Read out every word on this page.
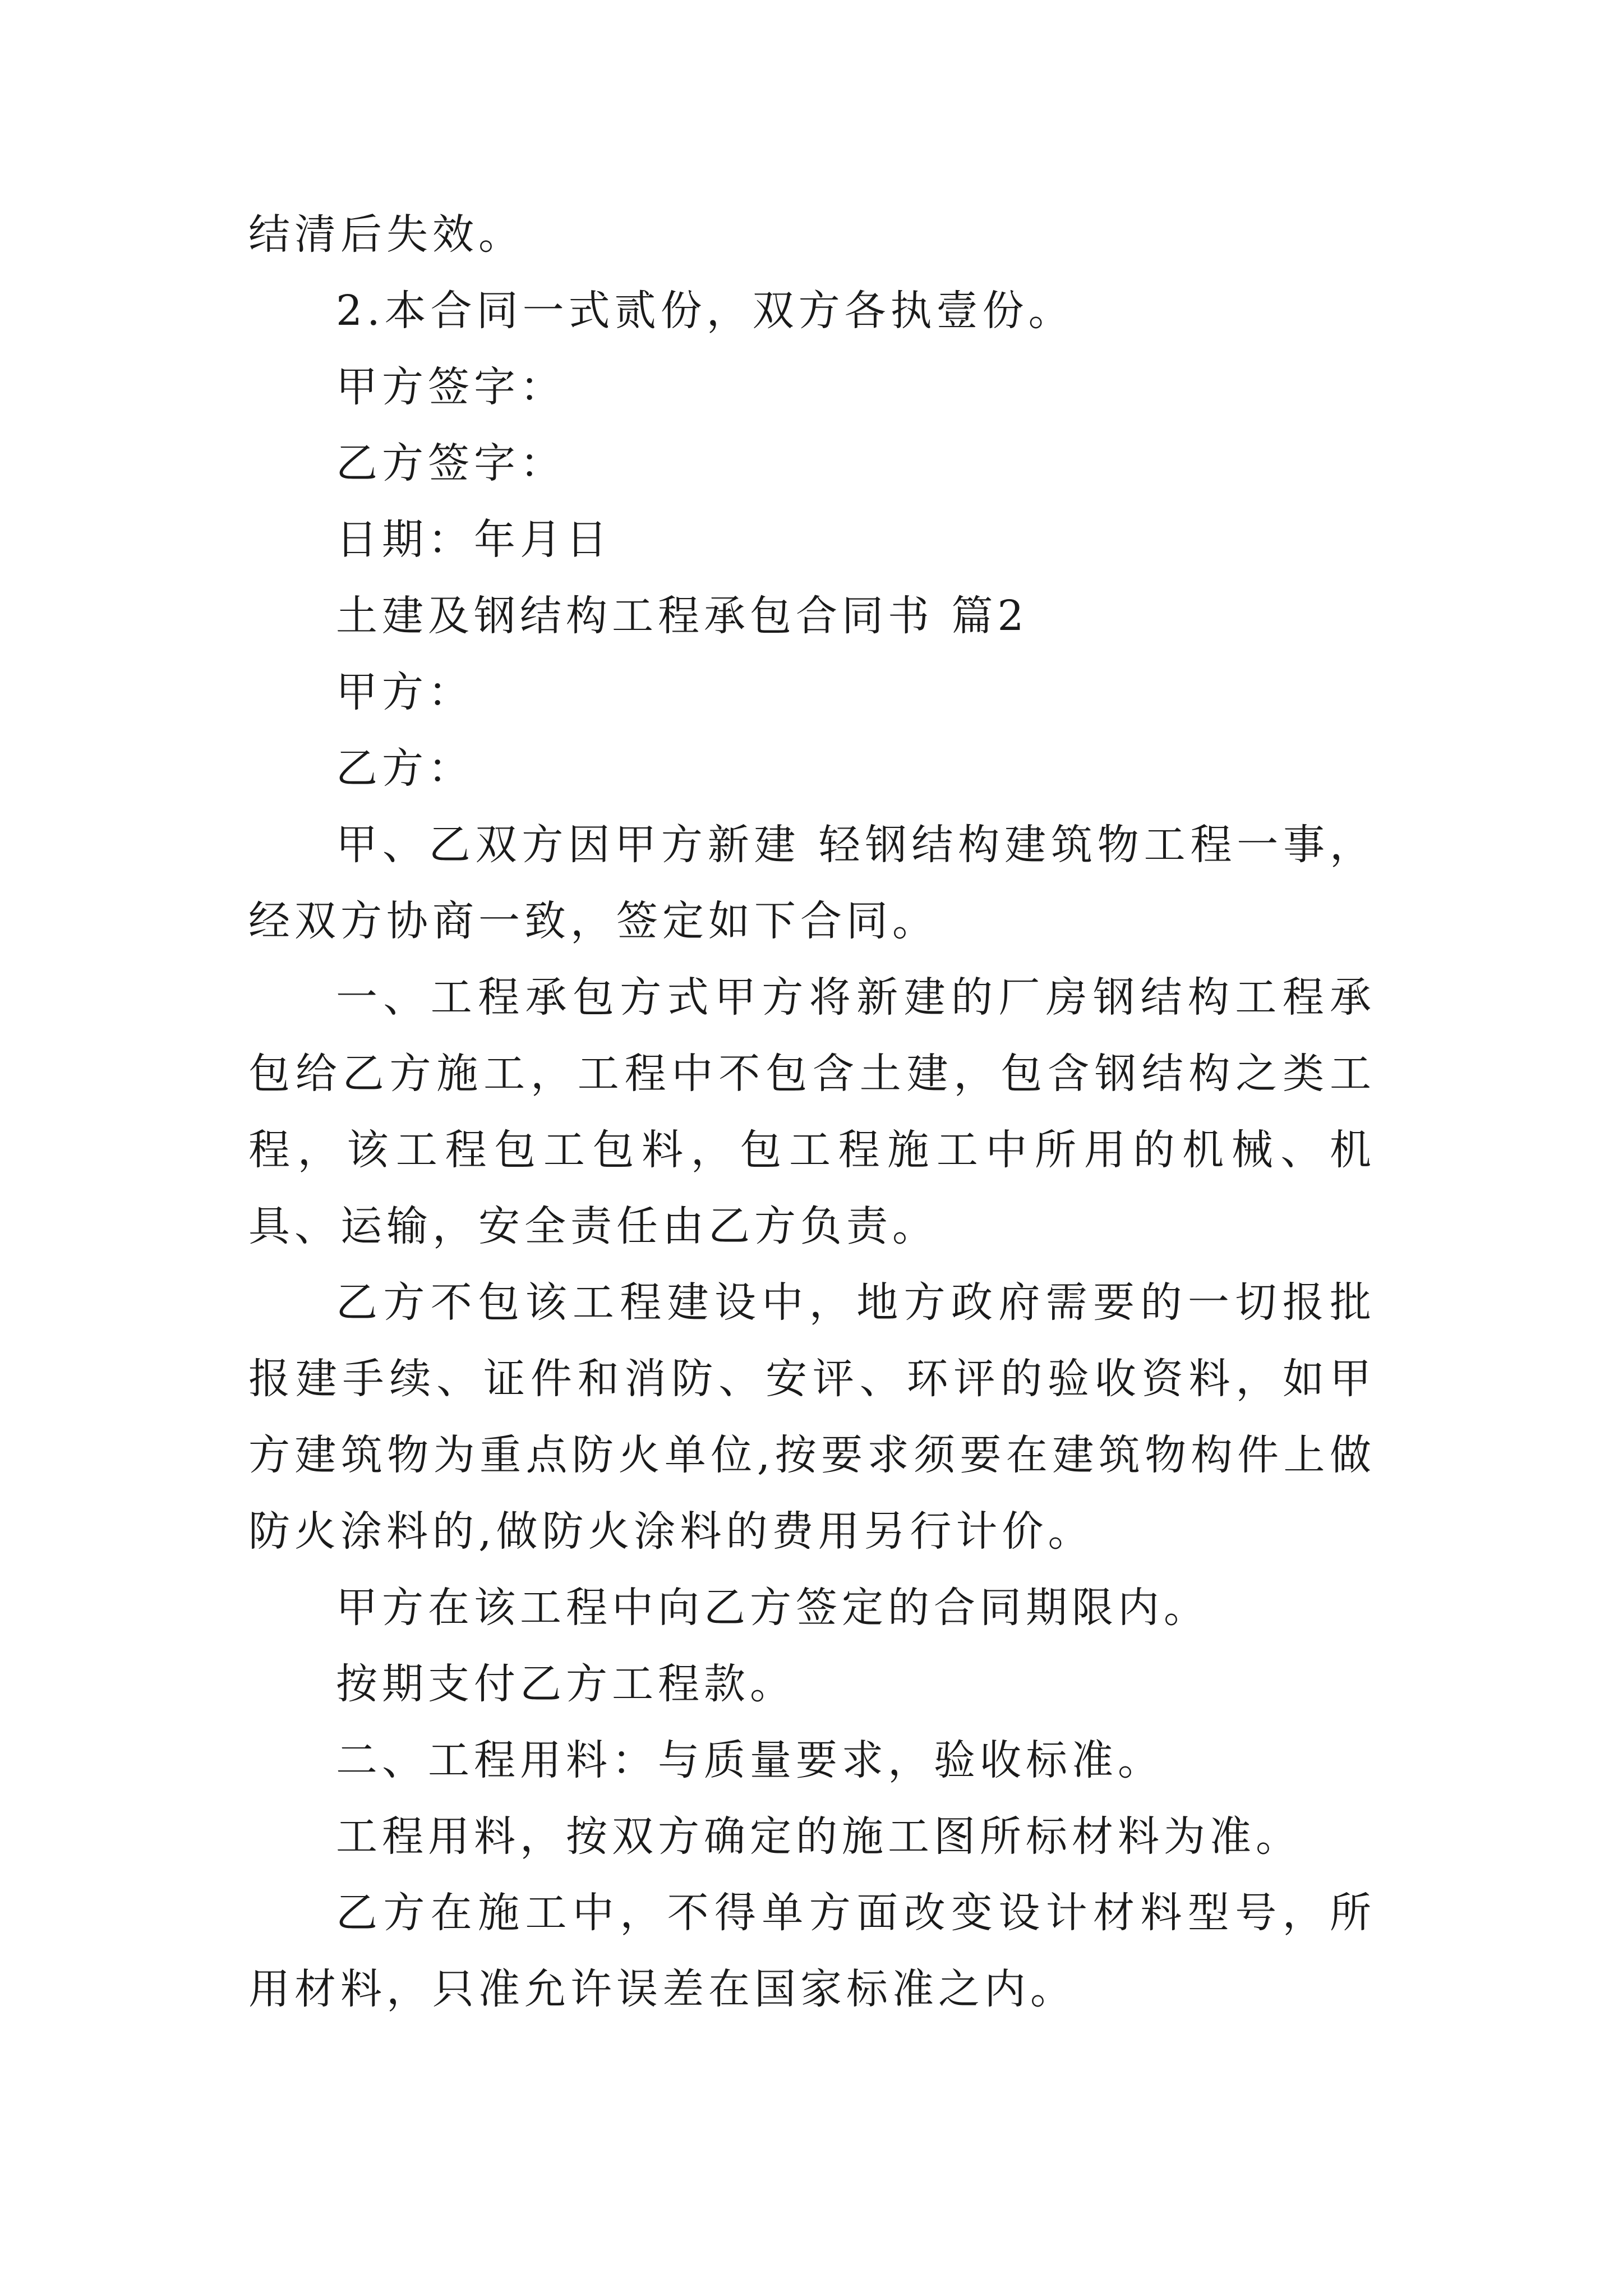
结清后失效。

2.本合同一式贰份，双方各执壹份。

甲方签字：

乙方签字：

日期：年月日

土建及钢结构工程承包合同书 篇2

甲方：

乙方：

甲、乙双方因甲方新建 轻钢结构建筑物工程一事，经双方协商一致，签定如下合同。

一、工程承包方式甲方将新建的厂房钢结构工程承包给乙方施工，工程中不包含土建，包含钢结构之类工程，该工程包工包料，包工程施工中所用的机械、机具、运输，安全责任由乙方负责。

乙方不包该工程建设中，地方政府需要的一切报批报建手续、证件和消防、安评、环评的验收资料，如甲方建筑物为重点防火单位,按要求须要在建筑物构件上做防火涂料的,做防火涂料的费用另行计价。

甲方在该工程中向乙方签定的合同期限内。

按期支付乙方工程款。

二、工程用料：与质量要求，验收标准。

工程用料，按双方确定的施工图所标材料为准。

乙方在施工中，不得单方面改变设计材料型号，所用材料，只准允许误差在国家标准之内。
